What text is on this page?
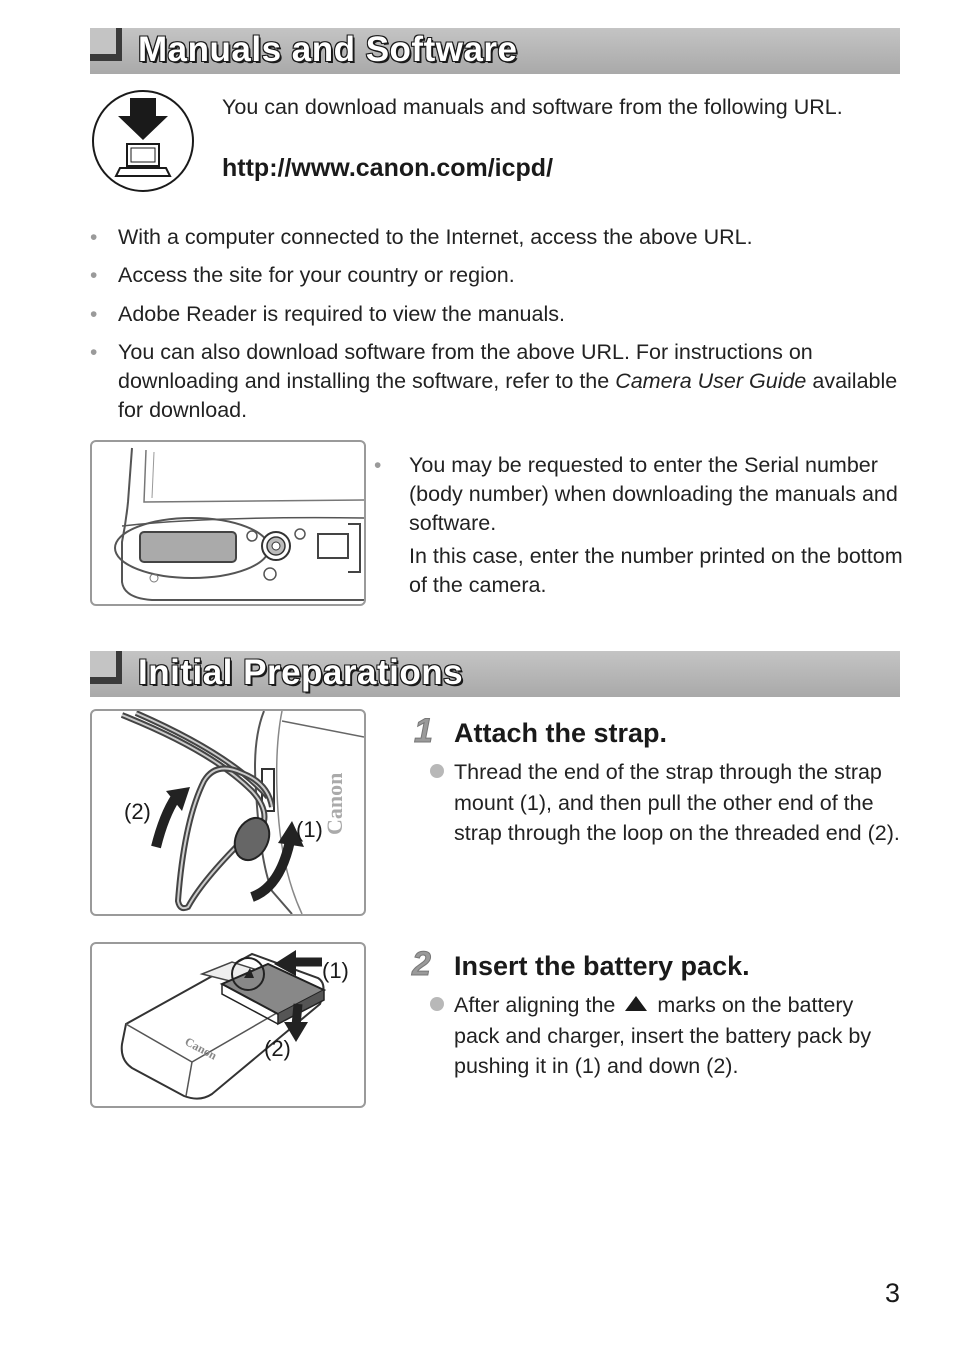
Manuals and Software
You can download manuals and software from the following URL.
http://www.canon.com/icpd/
• With a computer connected to the Internet, access the above URL.
• Access the site for your country or region.
• Adobe Reader is required to view the manuals.
• You can also download software from the above URL. For instructions on downloading and installing the software, refer to the Camera User Guide available for download.
• You may be requested to enter the Serial number (body number) when downloading the manuals and software.
In this case, enter the number printed on the bottom of the camera.
Initial Preparations
Canon
(2)
(1)
1 Attach the strap.
Thread the end of the strap through the strap mount (1), and then pull the other end of the strap through the loop on the threaded end (2).
Canon
(1)
(2)
2 Insert the battery pack.
After aligning the  marks on the battery pack and charger, insert the battery pack by pushing it in (1) and down (2).
3
